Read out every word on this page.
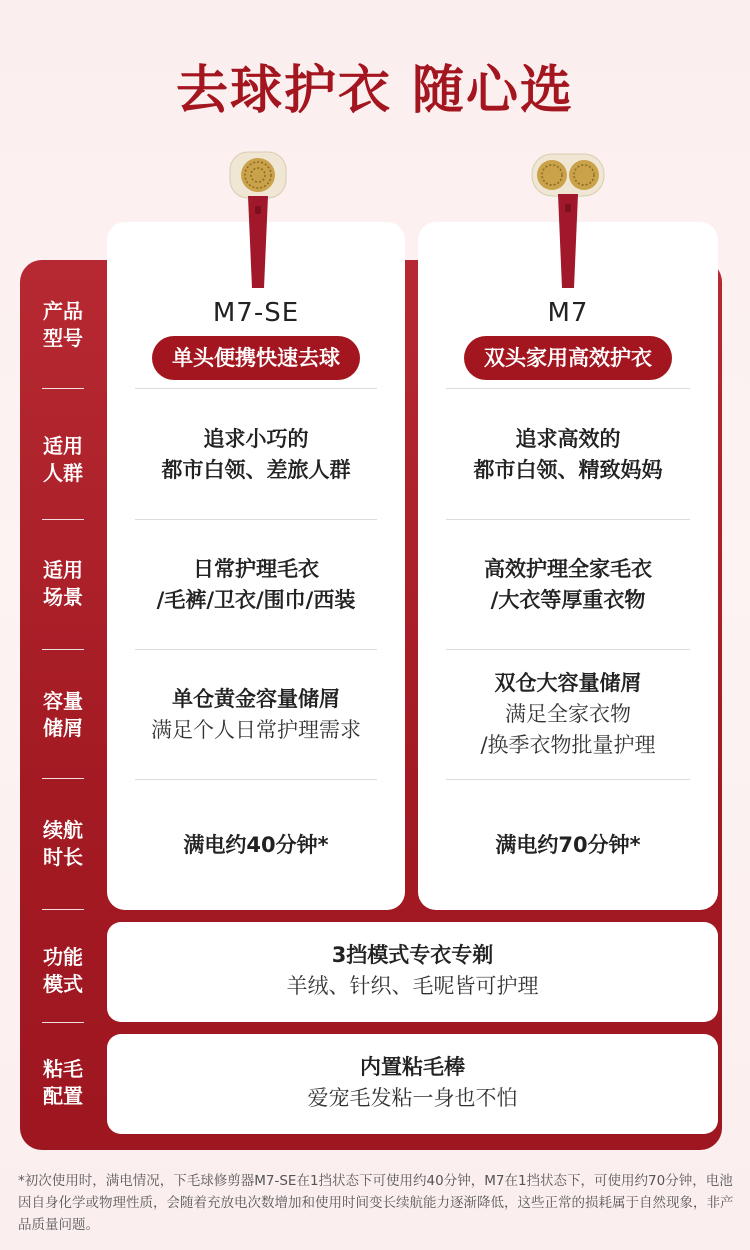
去球护衣 随心选
产品
型号
适用
人群
适用
场景
容量
储屑
续航
时长
功能
模式
粘毛
配置
M7-SE
单头便携快速去球
追求小巧的
都市白领、差旅人群
日常护理毛衣
/毛裤/卫衣/围巾/西装
单仓黄金容量储屑
满足个人日常护理需求
满电约40分钟*
M7
双头家用高效护衣
追求高效的
都市白领、精致妈妈
高效护理全家毛衣
/大衣等厚重衣物
双仓大容量储屑
满足全家衣物
/换季衣物批量护理
满电约70分钟*
3挡模式专衣专剃
羊绒、针织、毛呢皆可护理
内置粘毛棒
爱宠毛发粘一身也不怕
*初次使用时，满电情况，下毛球修剪器M7-SE在1挡状态下可使用约40分钟，M7在1挡状态下，可使用约70分钟，电池因自身化学或物理性质，会随着充放电次数增加和使用时间变长续航能力逐渐降低，这些正常的损耗属于自然现象，非产品质量问题。
